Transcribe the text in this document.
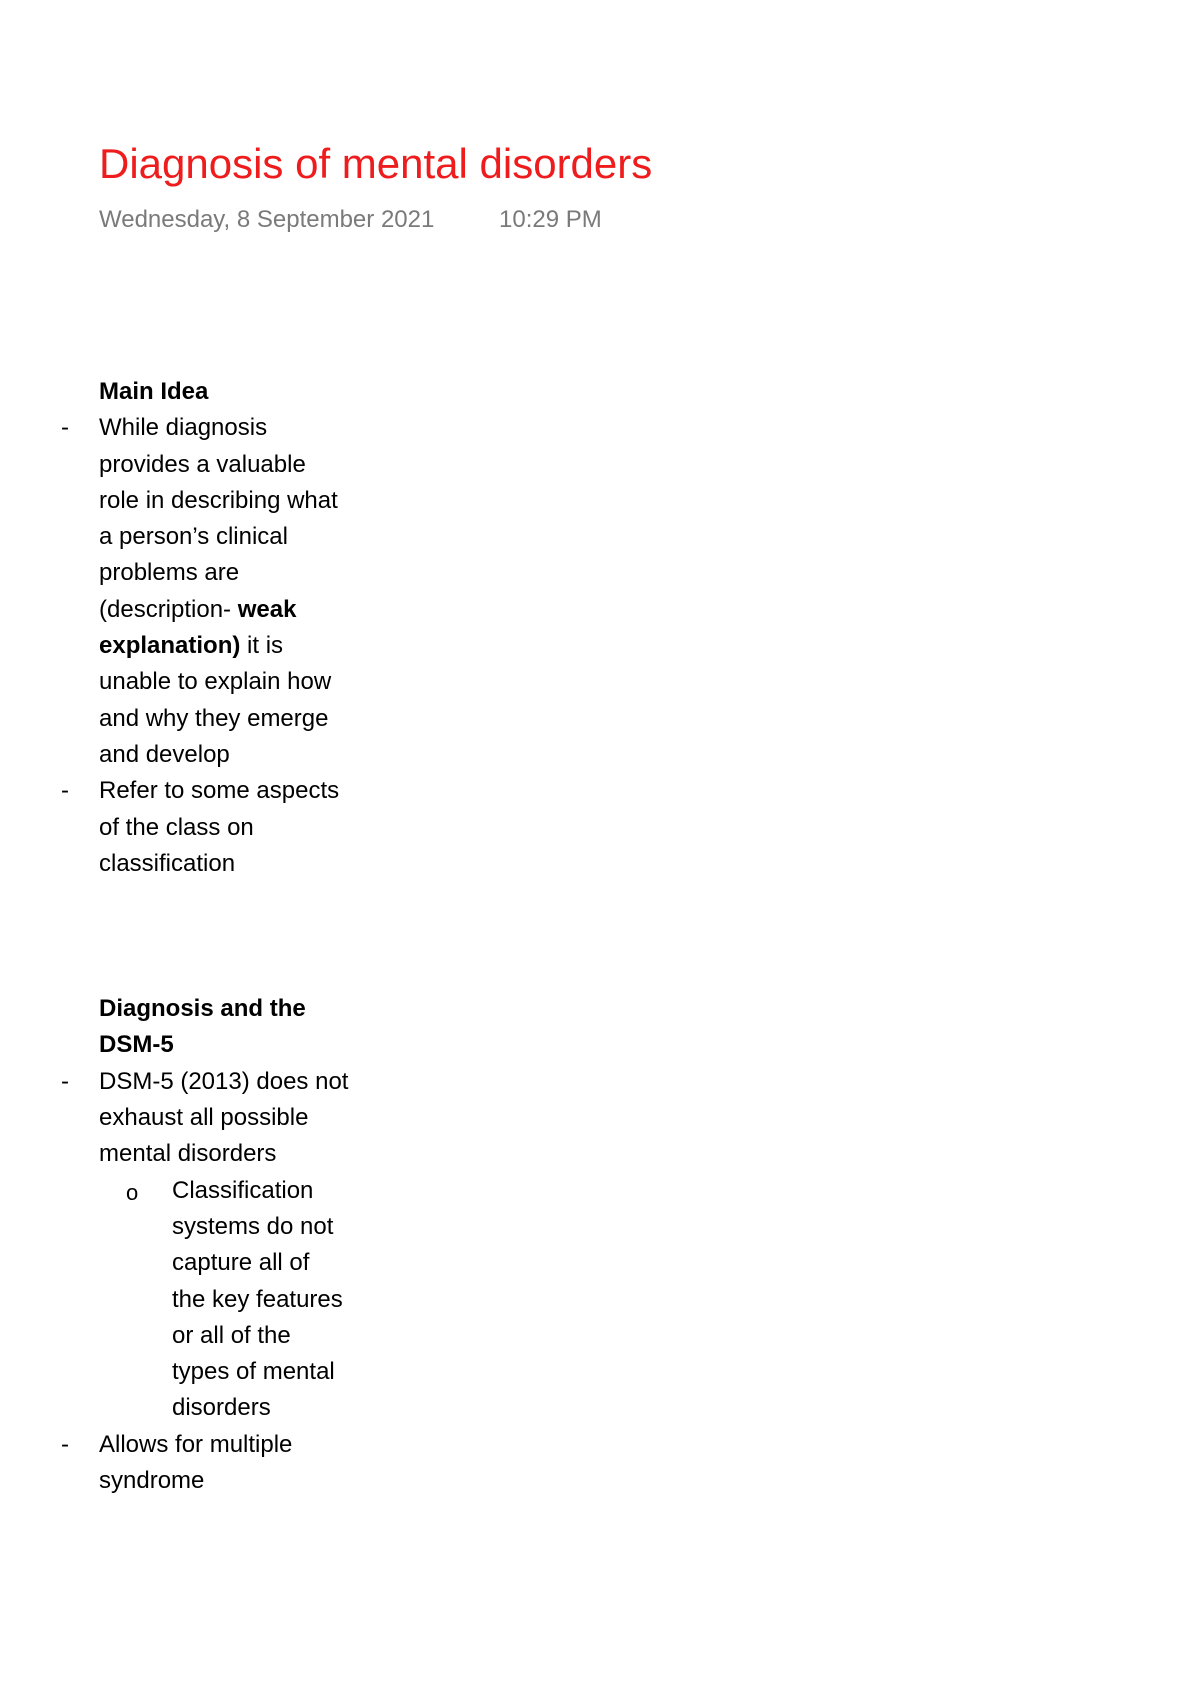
Diagnosis of mental disorders
Wednesday, 8 September 2021	10:29 PM

Main Idea

- While diagnosis provides a valuable role in describing what a person’s clinical problems are (description- weak explanation) it is unable to explain how and why they emerge and develop

- Refer to some aspects of the class on classification

Diagnosis and the DSM-5

- DSM-5 (2013) does not exhaust all possible mental disorders

o Classification systems do not capture all of the key features or all of the types of mental disorders

- Allows for multiple syndrome
